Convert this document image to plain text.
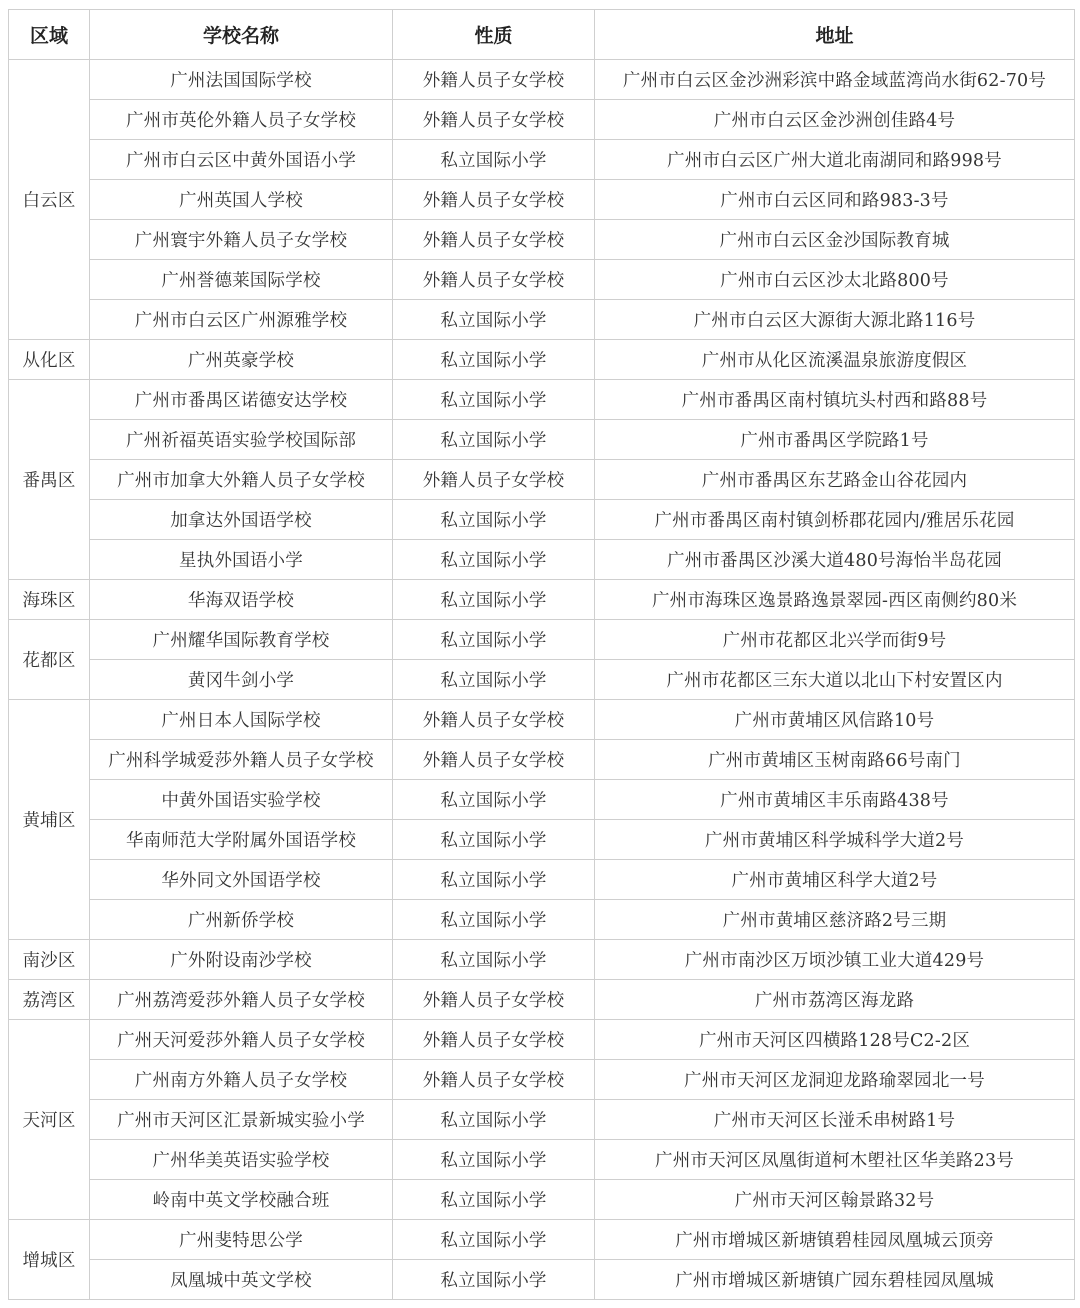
区域	学校名称	性质	地址
白云区	广州法国国际学校	外籍人员子女学校	广州市白云区金沙洲彩滨中路金域蓝湾尚水街62-70号
	广州市英伦外籍人员子女学校	外籍人员子女学校	广州市白云区金沙洲创佳路4号
	广州市白云区中黄外国语小学	私立国际小学	广州市白云区广州大道北南湖同和路998号
	广州英国人学校	外籍人员子女学校	广州市白云区同和路983-3号
	广州寰宇外籍人员子女学校	外籍人员子女学校	广州市白云区金沙国际教育城
	广州誉德莱国际学校	外籍人员子女学校	广州市白云区沙太北路800号
	广州市白云区广州源雅学校	私立国际小学	广州市白云区大源街大源北路116号
从化区	广州英豪学校	私立国际小学	广州市从化区流溪温泉旅游度假区
番禺区	广州市番禺区诺德安达学校	私立国际小学	广州市番禺区南村镇坑头村西和路88号
	广州祈福英语实验学校国际部	私立国际小学	广州市番禺区学院路1号
	广州市加拿大外籍人员子女学校	外籍人员子女学校	广州市番禺区东艺路金山谷花园内
	加拿达外国语学校	私立国际小学	广州市番禺区南村镇剑桥郡花园内/雅居乐花园
	星执外国语小学	私立国际小学	广州市番禺区沙溪大道480号海怡半岛花园
海珠区	华海双语学校	私立国际小学	广州市海珠区逸景路逸景翠园-西区南侧约80米
花都区	广州耀华国际教育学校	私立国际小学	广州市花都区北兴学而街9号
	黄冈牛剑小学	私立国际小学	广州市花都区三东大道以北山下村安置区内
黄埔区	广州日本人国际学校	外籍人员子女学校	广州市黄埔区风信路10号
	广州科学城爱莎外籍人员子女学校	外籍人员子女学校	广州市黄埔区玉树南路66号南门
	中黄外国语实验学校	私立国际小学	广州市黄埔区丰乐南路438号
	华南师范大学附属外国语学校	私立国际小学	广州市黄埔区科学城科学大道2号
	华外同文外国语学校	私立国际小学	广州市黄埔区科学大道2号
	广州新侨学校	私立国际小学	广州市黄埔区慈济路2号三期
南沙区	广外附设南沙学校	私立国际小学	广州市南沙区万顷沙镇工业大道429号
荔湾区	广州荔湾爱莎外籍人员子女学校	外籍人员子女学校	广州市荔湾区海龙路
天河区	广州天河爱莎外籍人员子女学校	外籍人员子女学校	广州市天河区四横路128号C2-2区
	广州南方外籍人员子女学校	外籍人员子女学校	广州市天河区龙洞迎龙路瑜翠园北一号
	广州市天河区汇景新城实验小学	私立国际小学	广州市天河区长湴禾串树路1号
	广州华美英语实验学校	私立国际小学	广州市天河区凤凰街道柯木塱社区华美路23号
	岭南中英文学校融合班	私立国际小学	广州市天河区翰景路32号
增城区	广州斐特思公学	私立国际小学	广州市增城区新塘镇碧桂园凤凰城云顶旁
	凤凰城中英文学校	私立国际小学	广州市增城区新塘镇广园东碧桂园凤凰城
